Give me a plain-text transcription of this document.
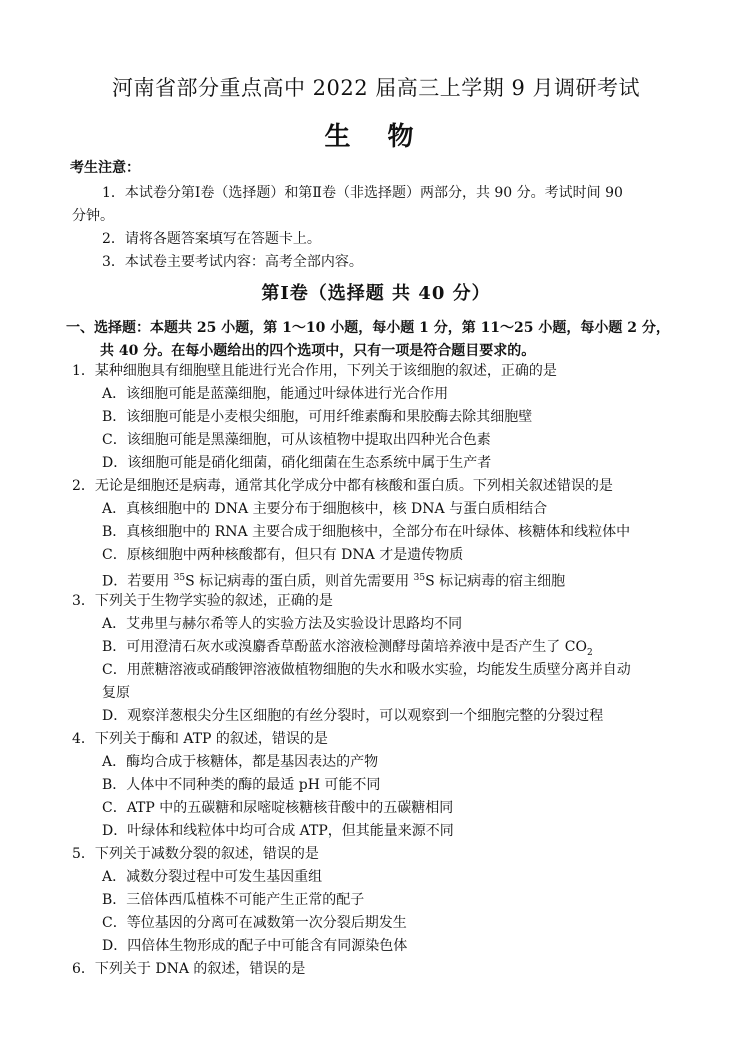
河南省部分重点高中 2022 届高三上学期 9 月调研考试
生 物
考生注意：
1．本试卷分第Ⅰ卷（选择题）和第Ⅱ卷（非选择题）两部分，共 90 分。考试时间 90
分钟。
2．请将各题答案填写在答题卡上。
3．本试卷主要考试内容：高考全部内容。
第Ⅰ卷（选择题 共 40 分）
一、选择题：本题共 25 小题，第 1～10 小题，每小题 1 分，第 11～25 小题，每小题 2 分，
共 40 分。在每小题给出的四个选项中，只有一项是符合题目要求的。
1．某种细胞具有细胞壁且能进行光合作用，下列关于该细胞的叙述，正确的是
A．该细胞可能是蓝藻细胞，能通过叶绿体进行光合作用
B．该细胞可能是小麦根尖细胞，可用纤维素酶和果胶酶去除其细胞壁
C．该细胞可能是黑藻细胞，可从该植物中提取出四种光合色素
D．该细胞可能是硝化细菌，硝化细菌在生态系统中属于生产者
2．无论是细胞还是病毒，通常其化学成分中都有核酸和蛋白质。下列相关叙述错误的是
A．真核细胞中的 DNA 主要分布于细胞核中，核 DNA 与蛋白质相结合
B．真核细胞中的 RNA 主要合成于细胞核中，全部分布在叶绿体、核糖体和线粒体中
C．原核细胞中两种核酸都有，但只有 DNA 才是遗传物质
D．若要用 $^{35}$S 标记病毒的蛋白质，则首先需要用 $^{35}$S 标记病毒的宿主细胞
3．下列关于生物学实验的叙述，正确的是
A．艾弗里与赫尔希等人的实验方法及实验设计思路均不同
B．可用澄清石灰水或溴麝香草酚蓝水溶液检测酵母菌培养液中是否产生了 $CO_2$
C．用蔗糖溶液或硝酸钾溶液做植物细胞的失水和吸水实验，均能发生质壁分离并自动
复原
D．观察洋葱根尖分生区细胞的有丝分裂时，可以观察到一个细胞完整的分裂过程
4．下列关于酶和 ATP 的叙述，错误的是
A．酶均合成于核糖体，都是基因表达的产物
B．人体中不同种类的酶的最适 pH 可能不同
C．ATP 中的五碳糖和尿嘧啶核糖核苷酸中的五碳糖相同
D．叶绿体和线粒体中均可合成 ATP，但其能量来源不同
5．下列关于减数分裂的叙述，错误的是
A．减数分裂过程中可发生基因重组
B．三倍体西瓜植株不可能产生正常的配子
C．等位基因的分离可在减数第一次分裂后期发生
D．四倍体生物形成的配子中可能含有同源染色体
6．下列关于 DNA 的叙述，错误的是
